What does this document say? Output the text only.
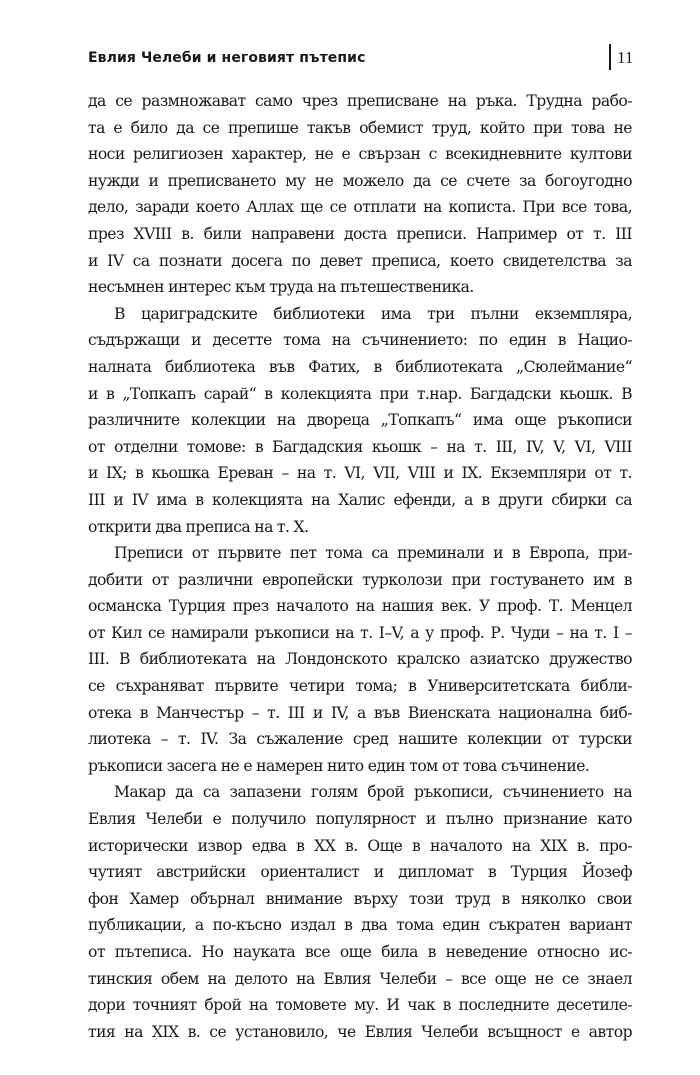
Евлия Челеби и неговият пътепис	11
да се размножават само чрез преписване на ръка. Трудна рабо-
та е било да се препише такъв обемист труд, който при това не
носи религиозен характер, не е свързан с всекидневните култови
нужди и преписването му не можело да се счете за богоугодно
дело, заради което Аллах ще се отплати на кописта. При все това,
през XVIII в. били направени доста преписи. Например от т. III
и IV са познати досега по девет преписа, което свидетелства за
несъмнен интерес към труда на пътешественика.
В цариградските библиотеки има три пълни екземпляра,
съдържащи и десетте тома на съчинението: по един в Нацио-
налната библиотека във Фатих, в библиотеката „Сюлеймание“
и в „Топкапъ сарай“ в колекцията при т.нар. Багдадски кьошк. В
различните колекции на двореца „Топкапъ“ има още ръкописи
от отделни томове: в Багдадския кьошк – на т. III, IV, V, VI, VIII
и IX; в кьошка Ереван – на т. VI, VII, VIII и IX. Екземпляри от т.
III и IV има в колекцията на Халис ефенди, а в други сбирки са
открити два преписа на т. X.
Преписи от първите пет тома са преминали и в Европа, при-
добити от различни европейски турколози при гостуването им в
османска Турция през началото на нашия век. У проф. Т. Менцел
от Кил се намирали ръкописи на т. I–V, а у проф. Р. Чуди – на т. I –
III. В библиотеката на Лондонското кралско азиатско дружество
се съхраняват първите четири тома; в Университетската библи-
отека в Манчестър – т. III и IV, а във Виенската национална биб-
лиотека – т. IV. За съжаление сред нашите колекции от турски
ръкописи засега не е намерен нито един том от това съчинение.
Макар да са запазени голям брой ръкописи, съчинението на
Евлия Челеби е получило популярност и пълно признание като
исторически извор едва в XX в. Още в началото на XIX в. про-
чутият австрийски ориенталист и дипломат в Турция Йозеф
фон Хамер обърнал внимание върху този труд в няколко свои
публикации, а по-късно издал в два тома един съкратен вариант
от пътеписа. Но науката все още била в неведение относно ис-
тинския обем на делото на Евлия Челеби – все още не се знаел
дори точният брой на томовете му. И чак в последните десетиле-
тия на XIX в. се установило, че Евлия Челеби всъщност е автор
